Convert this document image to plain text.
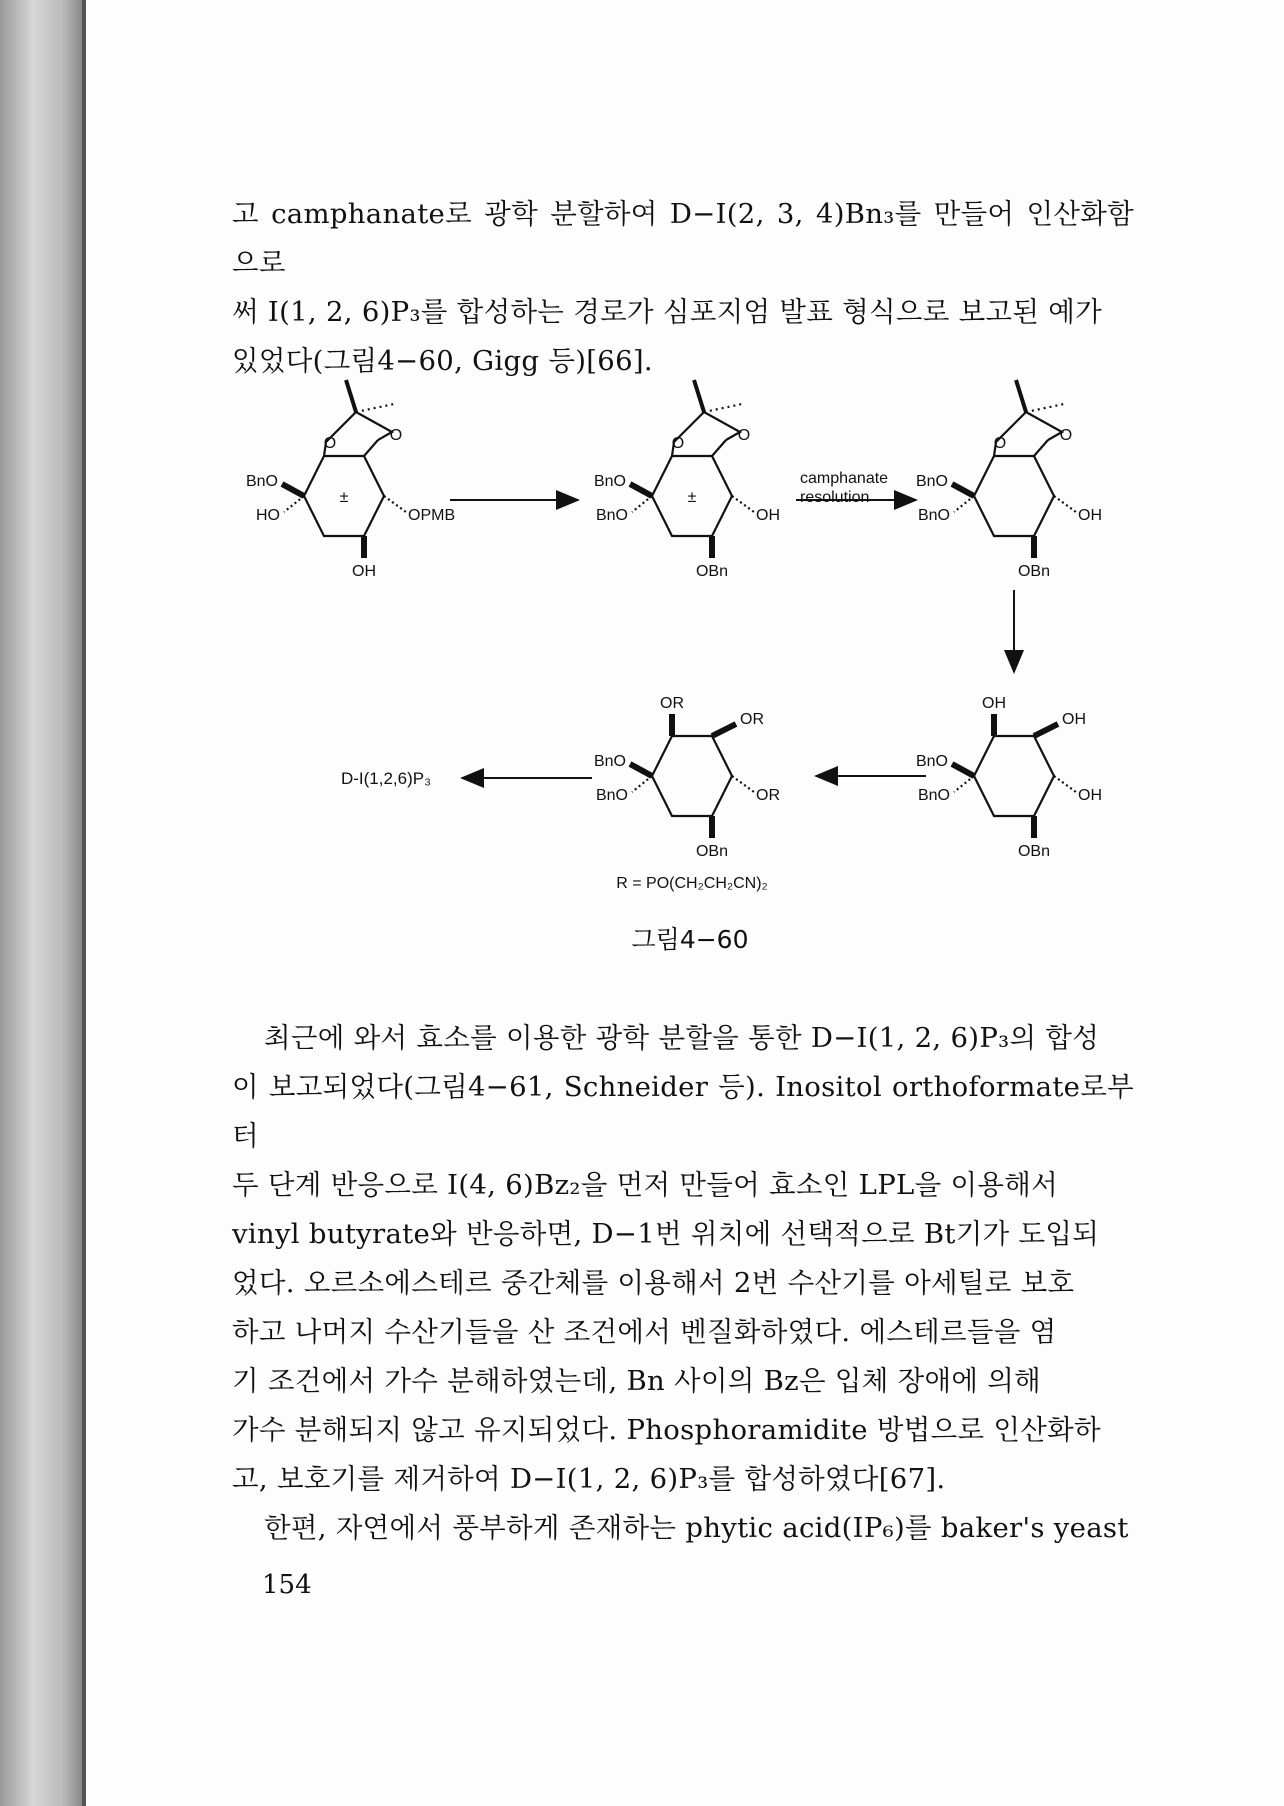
고 camphanate로 광학 분할하여 D−I(2, 3, 4)Bn₃를 만들어 인산화함으로

써 I(1, 2, 6)P₃를 합성하는 경로가 심포지엄 발표 형식으로 보고된 예가

있었다(그림4−60, Gigg 등)[66].

O	O
BnO
HO	OPMB
OH
±
O	O
BnO
BnO	OH
OBn
±
camphanate
resolution
O	O
BnO
BnO	OH
OBn
OH
OH
BnO
BnO	OH
OBn
OR
OR
BnO
BnO	OR
OBn
R = PO(CH₂CH₂CN)₂
D-I(1,2,6)P₃
그림4−60

최근에 와서 효소를 이용한 광학 분할을 통한 D−I(1, 2, 6)P₃의 합성

이 보고되었다(그림4−61, Schneider 등). Inositol orthoformate로부터

두 단계 반응으로 I(4, 6)Bz₂을 먼저 만들어 효소인 LPL을 이용해서

vinyl butyrate와 반응하면, D−1번 위치에 선택적으로 Bt기가 도입되

었다. 오르소에스테르 중간체를 이용해서 2번 수산기를 아세틸로 보호

하고 나머지 수산기들을 산 조건에서 벤질화하였다. 에스테르들을 염

기 조건에서 가수 분해하였는데, Bn 사이의 Bz은 입체 장애에 의해

가수 분해되지 않고 유지되었다. Phosphoramidite 방법으로 인산화하

고, 보호기를 제거하여 D−I(1, 2, 6)P₃를 합성하였다[67].

한편, 자연에서 풍부하게 존재하는 phytic acid(IP₆)를 baker's yeast

154
